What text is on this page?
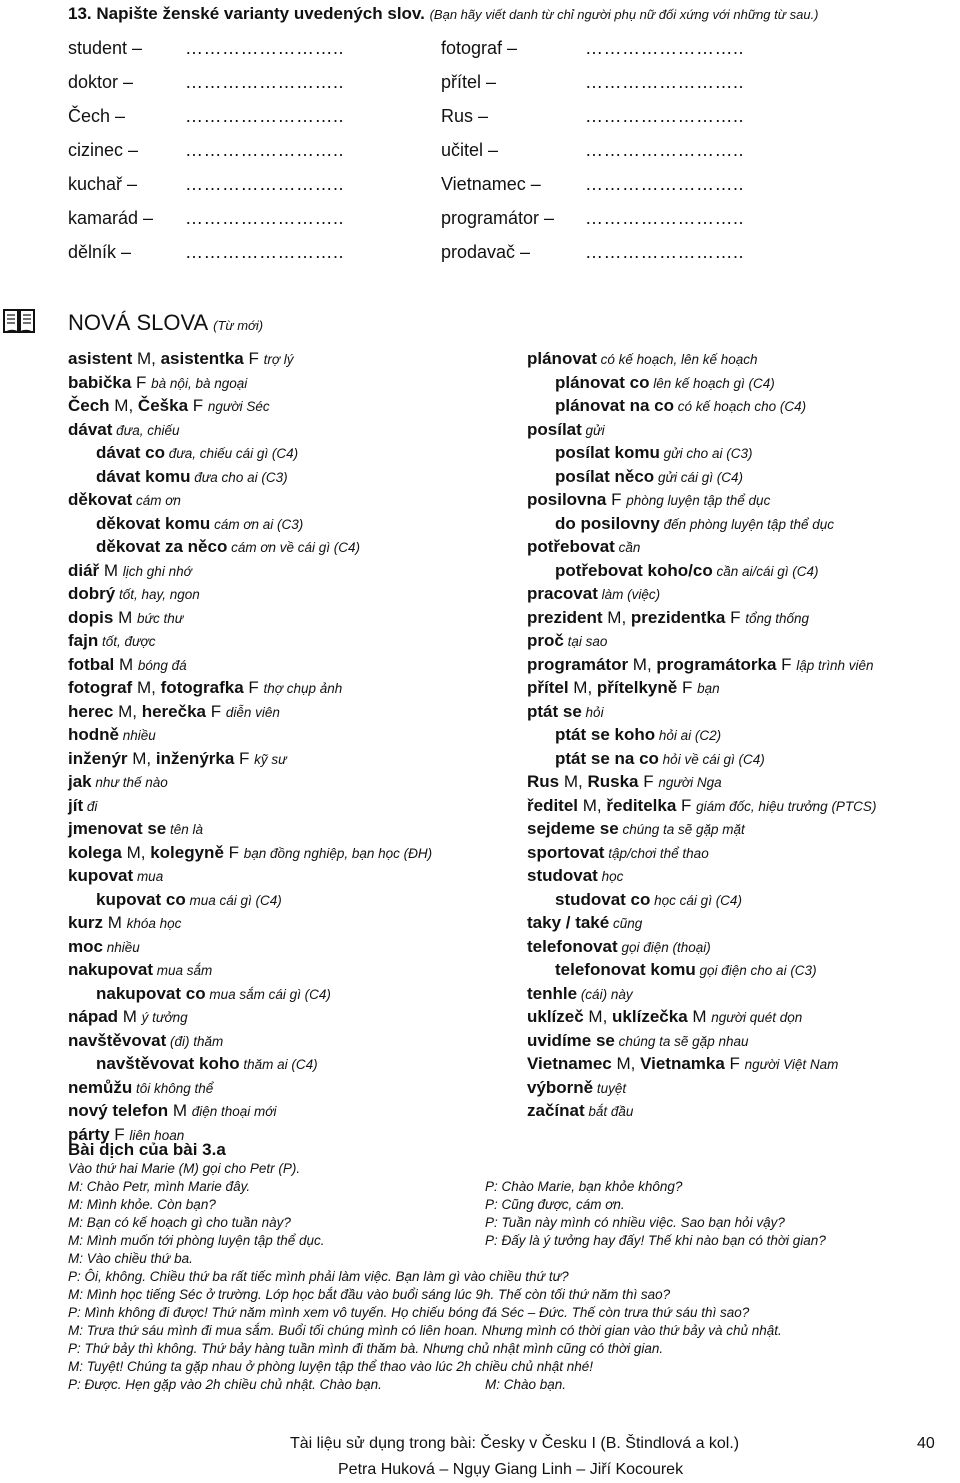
13. Napište ženské varianty uvedených slov. (Bạn hãy viết danh từ chỉ người phụ nữ đối xứng với những từ sau.)
student – ……………………..	fotograf –	……………………..
doktor –	……………………..	přítel –	……………………..
Čech –	……………………..	Rus –	……………………..
cizinec –	……………………..	učitel –	……………………..
kuchař –	……………………..	Vietnamec – ……………………..
kamarád – ……………………..	programátor – ……………………..
dělník –	……………………..	prodavač –	……………………..
NOVÁ SLOVA (Từ mới)
asistent M, asistentka F trợ lý
babička F bà nội, bà ngoại
Čech M, Češka F người Séc
dávat đưa, chiếu
dávat co đưa, chiếu cái gì (C4)
dávat komu đưa cho ai (C3)
děkovat cám ơn
děkovat komu cám ơn ai (C3)
děkovat za něco cám ơn về cái gì (C4)
diář M lịch ghi nhớ
dobrý tốt, hay, ngon
dopis M bức thư
fajn tốt, được
fotbal M bóng đá
fotograf M, fotografka F thợ chụp ảnh
herec M, herečka F diễn viên
hodně nhiều
inženýr M, inženýrka F kỹ sư
jak như thế nào
jít đi
jmenovat se tên là
kolega M, kolegyně F bạn đồng nghiệp, bạn học (ĐH)
kupovat mua
kupovat co mua cái gì (C4)
kurz M khóa học
moc nhiều
nakupovat mua sắm
nakupovat co mua sắm cái gì (C4)
nápad M ý tưởng
navštěvovat (đi) thăm
navštěvovat koho thăm ai (C4)
nemůžu tôi không thể
nový telefon M điện thoại mới
párty F liên hoan
plánovat có kế hoạch, lên kế hoạch
plánovat co lên kế hoạch gì (C4)
plánovat na co có kế hoạch cho (C4)
posílat gửi
posílat komu gửi cho ai (C3)
posílat něco gửi cái gì (C4)
posilovna F phòng luyện tập thể dục
do posilovny đến phòng luyện tập thể dục
potřebovat cần
potřebovat koho/co cần ai/cái gì (C4)
pracovat làm (việc)
prezident M, prezidentka F tổng thống
proč tại sao
programátor M, programátorka F lập trình viên
přítel M, přítelkyně F bạn
ptát se hỏi
ptát se koho hỏi ai (C2)
ptát se na co hỏi về cái gì (C4)
Rus M, Ruska F người Nga
ředitel M, ředitelka F giám đốc, hiệu trưởng (PTCS)
sejdeme se chúng ta sẽ gặp mặt
sportovat tập/chơi thể thao
studovat học
studovat co học cái gì (C4)
taky / také cũng
telefonovat gọi điện (thoại)
telefonovat komu gọi điện cho ai (C3)
tenhle (cái) này
uklízeč M, uklízečka M người quét dọn
uvidíme se chúng ta sẽ gặp nhau
Vietnamec M, Vietnamka F người Việt Nam
výborně tuyệt
začínat bắt đầu
Bài dịch của bài 3.a
Vào thứ hai Marie (M) gọi cho Petr (P).
M: Chào Petr, mình Marie đây.	P: Chào Marie, bạn khỏe không?
M: Mình khỏe. Còn bạn?	P: Cũng được, cám ơn.
M: Bạn có kế hoạch gì cho tuần này?	P: Tuần này mình có nhiều việc. Sao bạn hỏi vậy?
M: Mình muốn tới phòng luyện tập thể dục.	P: Đấy là ý tưởng hay đấy! Thế khi nào bạn có thời gian?
M: Vào chiều thứ ba.
P: Ôi, không. Chiều thứ ba rất tiếc mình phải làm việc. Bạn làm gì vào chiều thứ tư?
M: Mình học tiếng Séc ở trường. Lớp học bắt đầu vào buổi sáng lúc 9h. Thế còn tối thứ năm thì sao?
P: Mình không đi được! Thứ năm mình xem vô tuyến. Họ chiếu bóng đá Séc – Đức. Thế còn trưa thứ sáu thì sao?
M: Trưa thứ sáu mình đi mua sắm. Buổi tối chúng mình có liên hoan. Nhưng mình có thời gian vào thứ bảy và chủ nhật.
P: Thứ bảy thì không. Thứ bảy hàng tuần mình đi thăm bà. Nhưng chủ nhật mình cũng có thời gian.
M: Tuyệt! Chúng ta gặp nhau ở phòng luyện tập thể thao vào lúc 2h chiều chủ nhật nhé!
P: Được. Hẹn gặp vào 2h chiều chủ nhật. Chào bạn.	M: Chào bạn.
Tài liệu sử dụng trong bài: Česky v Česku I (B. Štindlová a kol.)	40
Petra Huková – Ngụy Giang Linh – Jiří Kocourek
